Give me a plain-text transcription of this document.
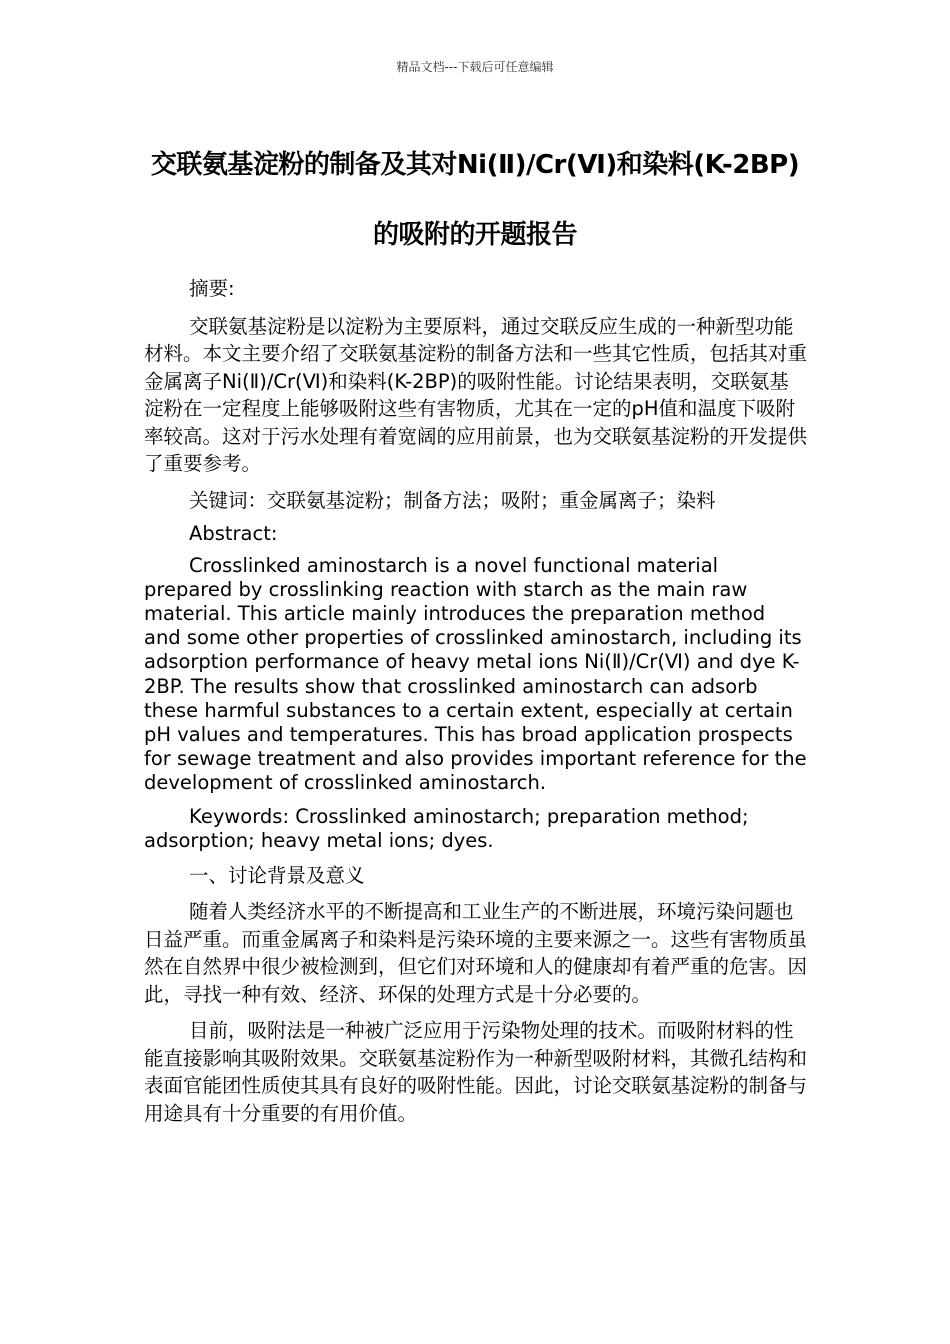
精品文档---下载后可任意编辑
交联氨基淀粉的制备及其对Ni(Ⅱ)/Cr(Ⅵ)和染料(K-2BP)的吸附的开题报告

摘要:

交联氨基淀粉是以淀粉为主要原料，通过交联反应生成的一种新型功能材料。本文主要介绍了交联氨基淀粉的制备方法和一些其它性质，包括其对重金属离子Ni(Ⅱ)/Cr(Ⅵ)和染料(K-2BP)的吸附性能。讨论结果表明，交联氨基淀粉在一定程度上能够吸附这些有害物质，尤其在一定的pH值和温度下吸附率较高。这对于污水处理有着宽阔的应用前景，也为交联氨基淀粉的开发提供了重要参考。

关键词：交联氨基淀粉；制备方法；吸附；重金属离子；染料

Abstract:

Crosslinked aminostarch is a novel functional material prepared by crosslinking reaction with starch as the main raw material. This article mainly introduces the preparation method and some other properties of crosslinked aminostarch, including its adsorption performance of heavy metal ions Ni(Ⅱ)/Cr(Ⅵ) and dye K-2BP. The results show that crosslinked aminostarch can adsorb these harmful substances to a certain extent, especially at certain pH values and temperatures. This has broad application prospects for sewage treatment and also provides important reference for the development of crosslinked aminostarch.

Keywords: Crosslinked aminostarch; preparation method; adsorption; heavy metal ions; dyes.

一、讨论背景及意义

随着人类经济水平的不断提高和工业生产的不断进展，环境污染问题也日益严重。而重金属离子和染料是污染环境的主要来源之一。这些有害物质虽然在自然界中很少被检测到，但它们对环境和人的健康却有着严重的危害。因此，寻找一种有效、经济、环保的处理方式是十分必要的。

目前，吸附法是一种被广泛应用于污染物处理的技术。而吸附材料的性能直接影响其吸附效果。交联氨基淀粉作为一种新型吸附材料，其微孔结构和表面官能团性质使其具有良好的吸附性能。因此，讨论交联氨基淀粉的制备与用途具有十分重要的有用价值。
